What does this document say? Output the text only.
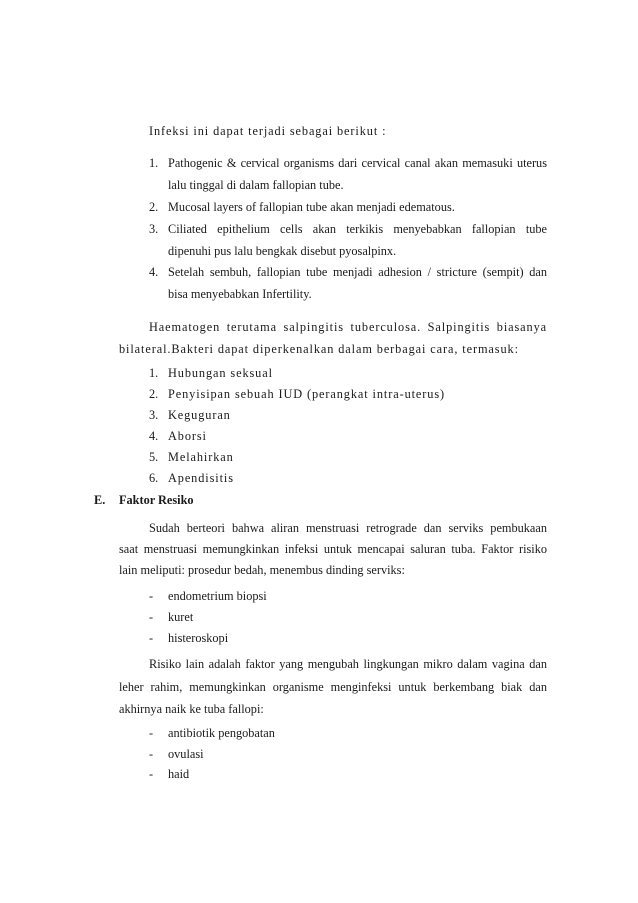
Infeksi ini dapat terjadi sebagai berikut :
1. Pathogenic & cervical organisms dari cervical canal akan memasuki uterus
lalu tinggal di dalam fallopian tube.
2. Mucosal layers of fallopian tube akan menjadi edematous.
3. Ciliated epithelium cells akan terkikis menyebabkan fallopian tube
dipenuhi pus lalu bengkak disebut pyosalpinx.
4. Setelah sembuh, fallopian tube menjadi adhesion / stricture (sempit) dan
bisa menyebabkan Infertility.
Haematogen terutama salpingitis tuberculosa. Salpingitis biasanya
bilateral.Bakteri dapat diperkenalkan dalam berbagai cara, termasuk:
1. Hubungan seksual
2. Penyisipan sebuah IUD (perangkat intra-uterus)
3. Keguguran
4. Aborsi
5. Melahirkan
6. Apendisitis
E. Faktor Resiko
Sudah berteori bahwa aliran menstruasi retrograde dan serviks pembukaan
saat menstruasi memungkinkan infeksi untuk mencapai saluran tuba. Faktor risiko
lain meliputi: prosedur bedah, menembus dinding serviks:
- endometrium biopsi
- kuret
- histeroskopi
Risiko lain adalah faktor yang mengubah lingkungan mikro dalam vagina dan
leher rahim, memungkinkan organisme menginfeksi untuk berkembang biak dan
akhirnya naik ke tuba fallopi:
- antibiotik pengobatan
- ovulasi
- haid
